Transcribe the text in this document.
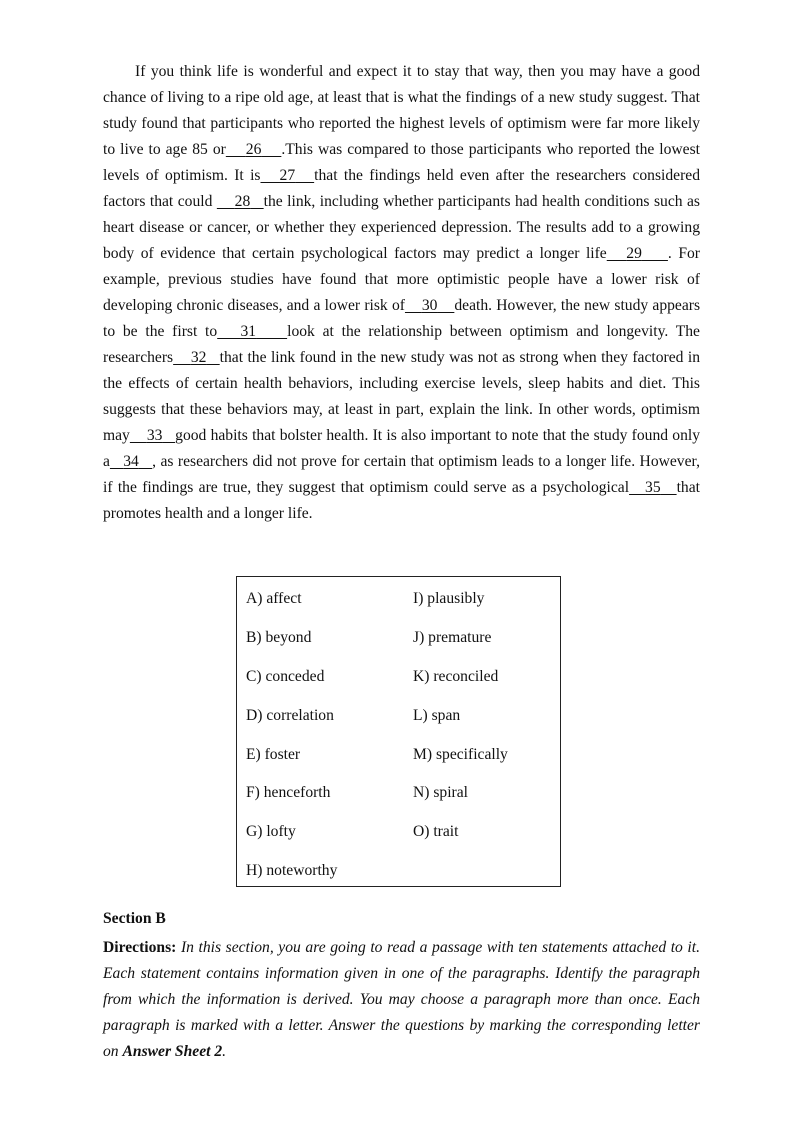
If you think life is wonderful and expect it to stay that way, then you may have a good chance of living to a ripe old age, at least that is what the findings of a new study suggest. That study found that participants who reported the highest levels of optimism were far more likely to live to age 85 or 26 .This was compared to those participants who reported the lowest levels of optimism. It is 27 that the findings held even after the researchers considered factors that could 28 the link, including whether participants had health conditions such as heart disease or cancer, or whether they experienced depression. The results add to a growing body of evidence that certain psychological factors may predict a longer life 29 . For example, previous studies have found that more optimistic people have a lower risk of developing chronic diseases, and a lower risk of 30 death. However, the new study appears to be the first to 31 look at the relationship between optimism and longevity. The researchers 32 that the link found in the new study was not as strong when they factored in the effects of certain health behaviors, including exercise levels, sleep habits and diet. This suggests that these behaviors may, at least in part, explain the link. In other words, optimism may 33 good habits that bolster health. It is also important to note that the study found only a 34 , as researchers did not prove for certain that optimism leads to a longer life. However, if the findings are true, they suggest that optimism could serve as a psychological 35 that promotes health and a longer life.

A) affect
B) beyond
C) conceded
D) correlation
E) foster
F) henceforth
G) lofty
H) noteworthy
I) plausibly
J) premature
K) reconciled
L) span
M) specifically
N) spiral
O) trait
Section B
Directions: In this section, you are going to read a passage with ten statements attached to it. Each statement contains information given in one of the paragraphs. Identify the paragraph from which the information is derived. You may choose a paragraph more than once. Each paragraph is marked with a letter. Answer the questions by marking the corresponding letter on Answer Sheet 2.
